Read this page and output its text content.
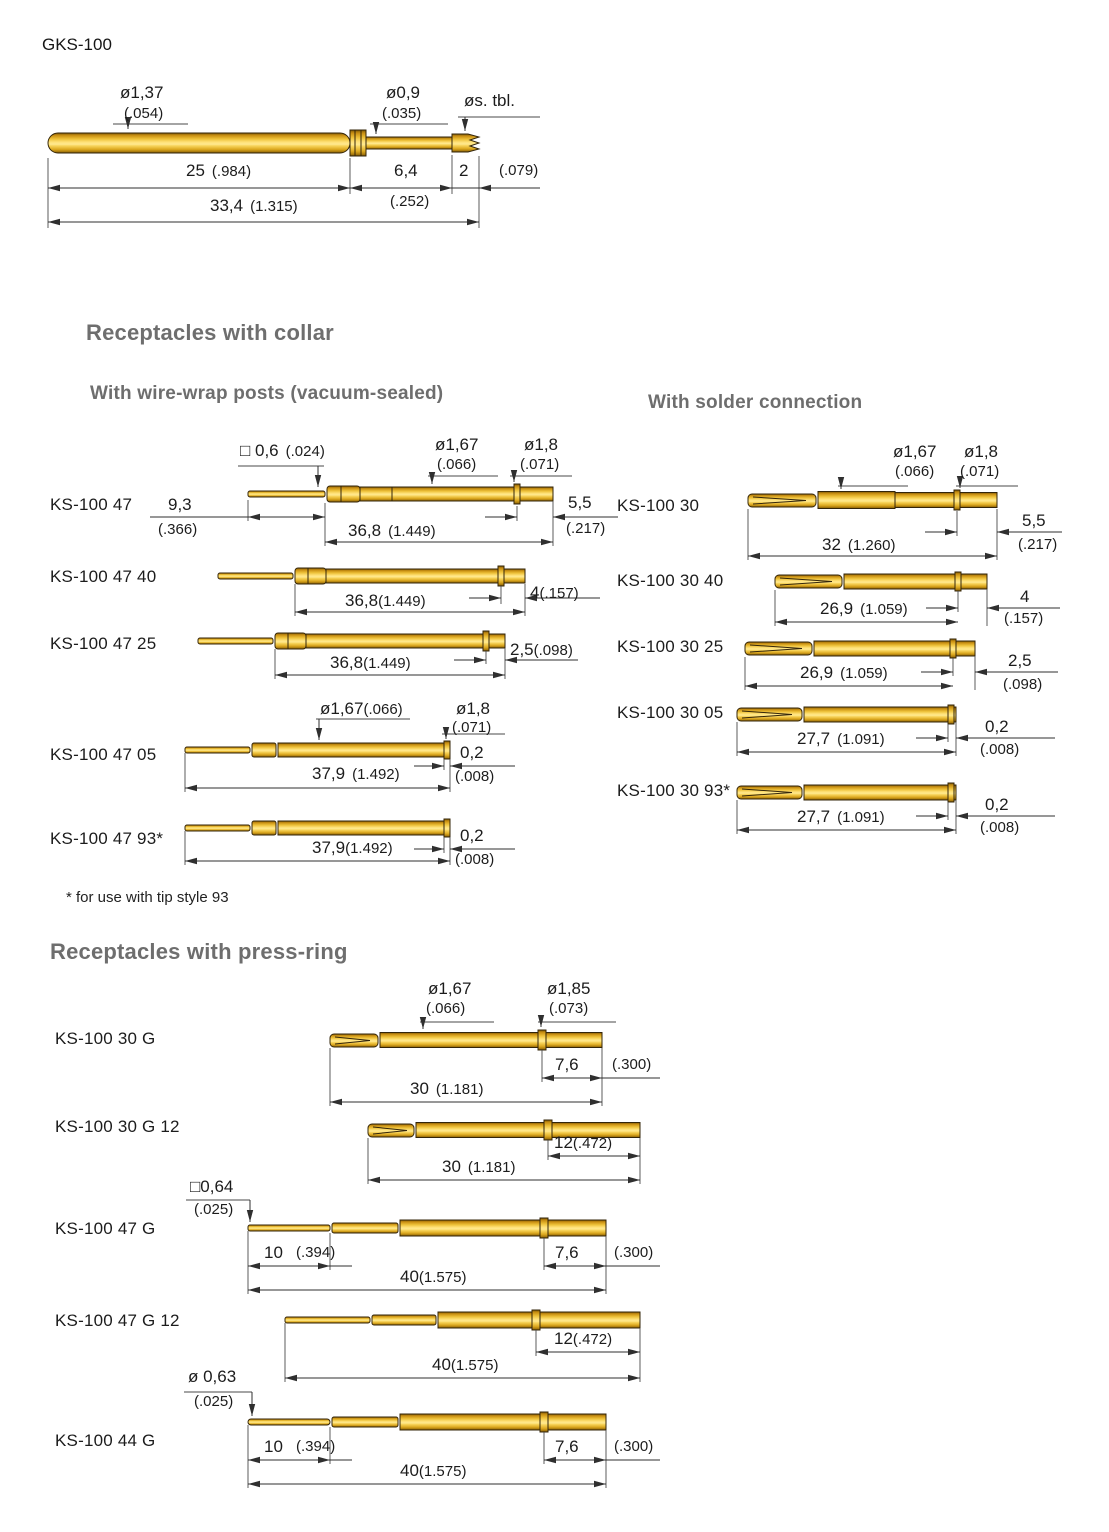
GKS-100
ø1,37
(.054)
ø0,9
(.035)
øs. tbl.
25 (.984)	6,4
(.252)
2 (.079)
33,4 (1.315)
Receptacles with collar
With wire-wrap posts (vacuum-sealed)	With solder connection
* for use with tip style 93
Receptacles with press-ring
KS-100 47
□ 0,6 (.024)	ø1,67
(.066)
ø1,8
(.071)
9,3
(.366)	36,8 (1.449)
5,5
(.217)
KS-100 47 40
36,8(1.449)	4(.157)
KS-100 47 25
36,8(1.449)
2,5(.098)
KS-100 47 05
ø1,67(.066)	ø1,8
(.071)
37,9 (1.492)
0,2
(.008)
KS-100 47 93*	37,9(1.492)
0,2
(.008)
KS-100 30
ø1,67
(.066)
ø1,8
(.071)
32 (1.260)
5,5
(.217)
KS-100 30 40
26,9 (1.059)
4
(.157)
KS-100 30 25
26,9 (1.059)
2,5
(.098)
KS-100 30 05
27,7 (1.091)
0,2
(.008)
KS-100 30 93*
27,7 (1.091)
0,2
(.008)
KS-100 30 G
ø1,67
(.066)
ø1,85
(.073)
7,6 (.300)
30 (1.181)
KS-100 30 G 12
12(.472)
30 (1.181)
KS-100 47 G
□0,64
(.025)
10 (.394)	7,6 (.300)
40(1.575)
KS-100 47 G 12
12(.472)
40(1.575)
ø 0,63
(.025)
KS-100 44 G	10 (.394)	7,6 (.300)
40(1.575)
